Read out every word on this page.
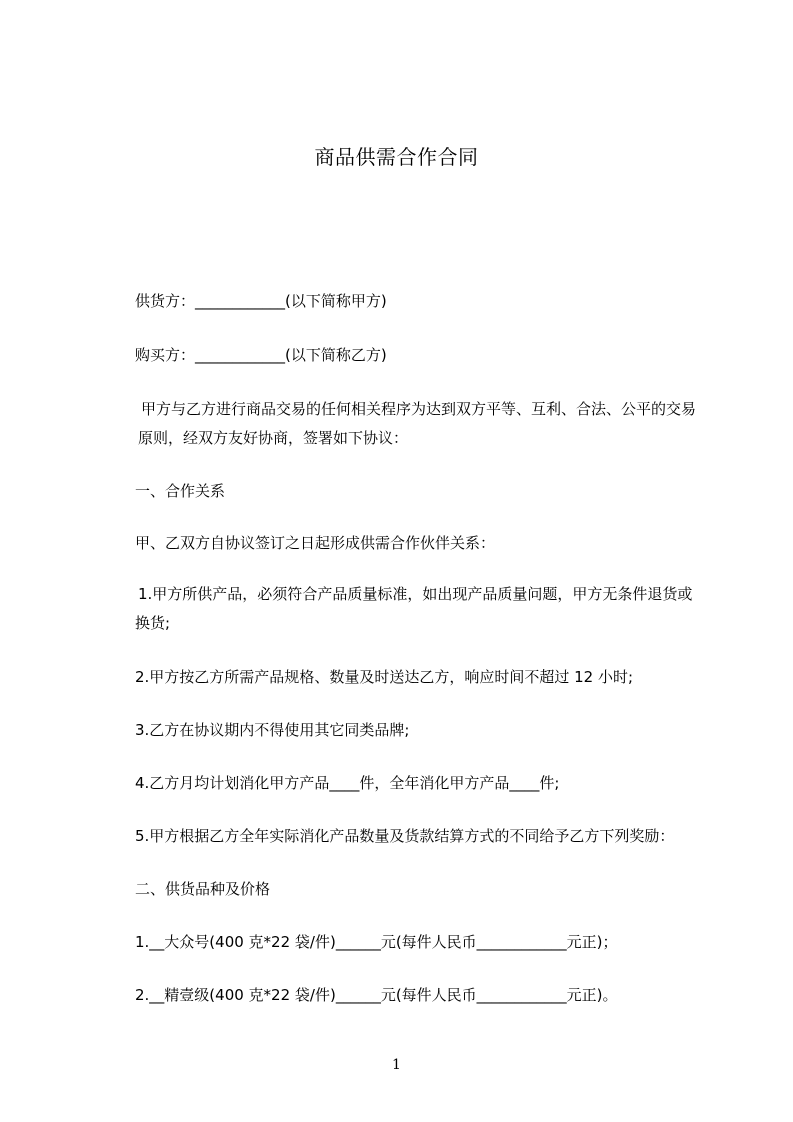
商品供需合作合同
供货方：____________(以下简称甲方)
购买方：____________(以下简称乙方)
甲方与乙方进行商品交易的任何相关程序为达到双方平等、互利、合法、公平的交易原则，经双方友好协商，签署如下协议：
一、合作关系
甲、乙双方自协议签订之日起形成供需合作伙伴关系：
1.甲方所供产品，必须符合产品质量标准，如出现产品质量问题，甲方无条件退货或换货;
2.甲方按乙方所需产品规格、数量及时送达乙方，响应时间不超过 12 小时;
3.乙方在协议期内不得使用其它同类品牌;
4.乙方月均计划消化甲方产品____件，全年消化甲方产品____件;
5.甲方根据乙方全年实际消化产品数量及货款结算方式的不同给予乙方下列奖励：
二、供货品种及价格
1.__大众号(400 克*22 袋/件)______元(每件人民币____________元正)；
2.__精壹级(400 克*22 袋/件)______元(每件人民币____________元正)。
1
